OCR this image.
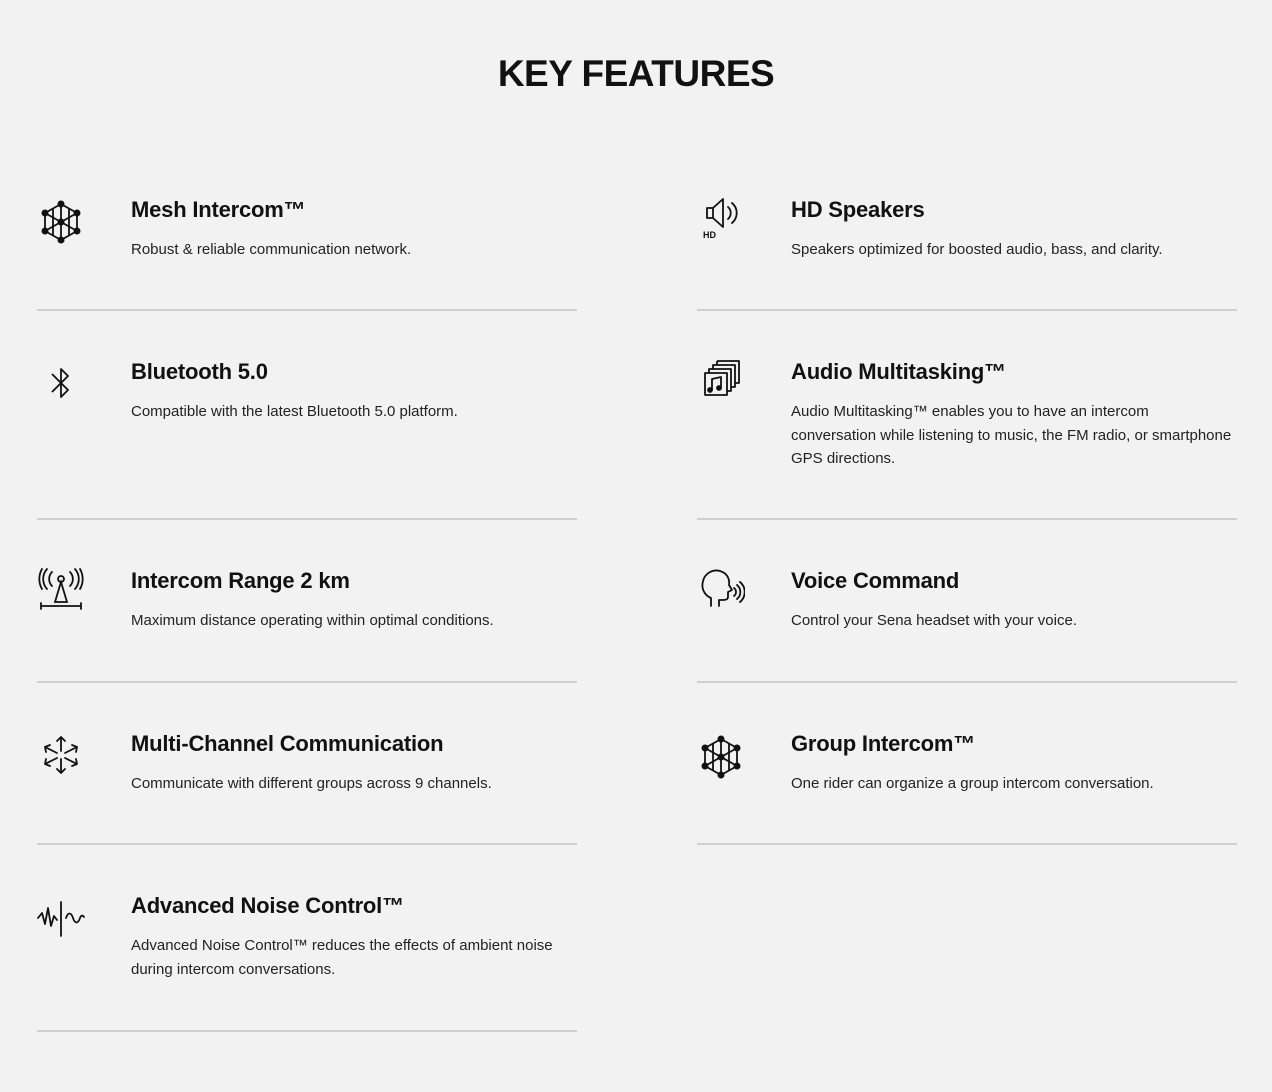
KEY FEATURES
Mesh Intercom™

Robust & reliable communication network.

Bluetooth 5.0

Compatible with the latest Bluetooth 5.0 platform.

Intercom Range 2 km

Maximum distance operating within optimal conditions.

Multi-Channel Communication

Communicate with different groups across 9 channels.

Advanced Noise Control™

Advanced Noise Control™ reduces the effects of ambient noise during intercom conversations.

HD
HD Speakers

Speakers optimized for boosted audio, bass, and clarity.

Audio Multitasking™

Audio Multitasking™ enables you to have an intercom conversation while listening to music, the FM radio, or smartphone GPS directions.

Voice Command

Control your Sena headset with your voice.

Group Intercom™

One rider can organize a group intercom conversation.
